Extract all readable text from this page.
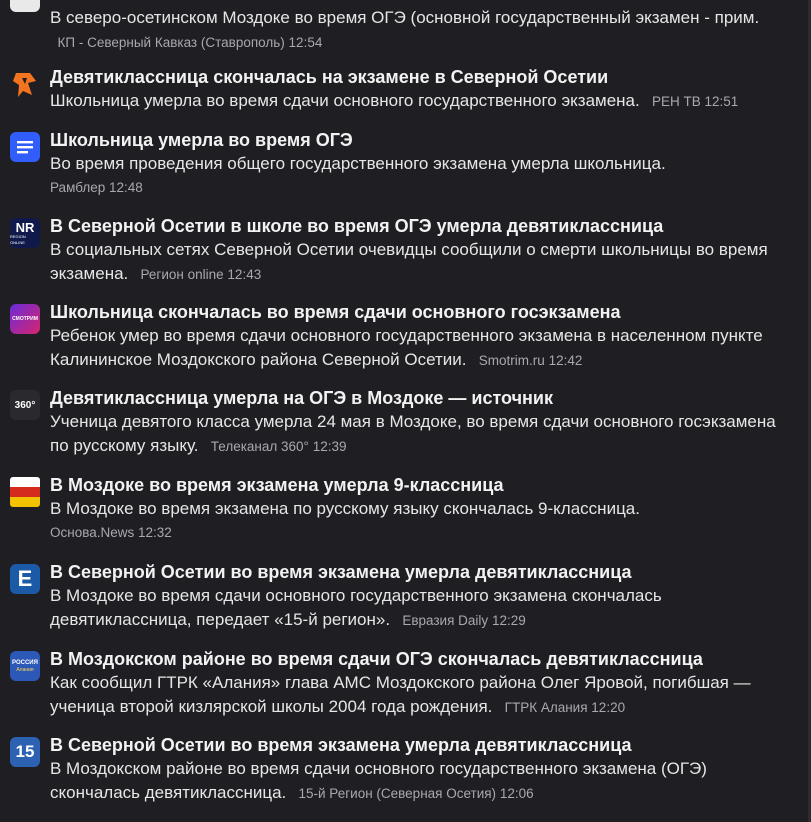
В северо-осетинском Моздоке во время ОГЭ (основной государственный экзамен - прим.   КП - Северный Кавказ (Ставрополь) 12:54
Девятиклассница скончалась на экзамене в Северной Осетии
Школьница умерла во время сдачи основного государственного экзамена. РЕН ТВ 12:51
Школьница умерла во время ОГЭ
Во время проведения общего государственного экзамена умерла школьница.
Рамблер 12:48
NR
REGION ONLINE
В Северной Осетии в школе во время ОГЭ умерла девятиклассница
В социальных сетях Северной Осетии очевидцы сообщили о смерти школьницы во время экзамена. Регион online 12:43
СМОТРИМ Школьница скончалась во время сдачи основного госэкзамена
Ребенок умер во время сдачи основного государственного экзамена в населенном пункте Калининское Моздокского района Северной Осетии. Smotrim.ru 12:42
360° Девятиклассница умерла на ОГЭ в Моздоке — источник
Ученица девятого класса умерла 24 мая в Моздоке, во время сдачи основного госэкзамена по русскому языку. Телеканал 360° 12:39
В Моздоке во время экзамена умерла 9-классница
В Моздоке во время экзамена по русскому языку скончалась 9-классница.
Основа.News 12:32
E В Северной Осетии во время экзамена умерла девятиклассница
В Моздоке во время сдачи основного государственного экзамена скончалась девятиклассница, передает «15-й регион». Евразия Daily 12:29
РОССИЯ
Алания
В Моздокском районе во время сдачи ОГЭ скончалась девятиклассница
Как сообщил ГТРК «Алания» глава АМС Моздокского района Олег Яровой, погибшая — ученица второй кизлярской школы 2004 года рождения. ГТРК Алания 12:20
15 В Северной Осетии во время экзамена умерла девятиклассница
В Моздокском районе во время сдачи основного государственного экзамена (ОГЭ) скончалась девятиклассница. 15-й Регион (Северная Осетия) 12:06
